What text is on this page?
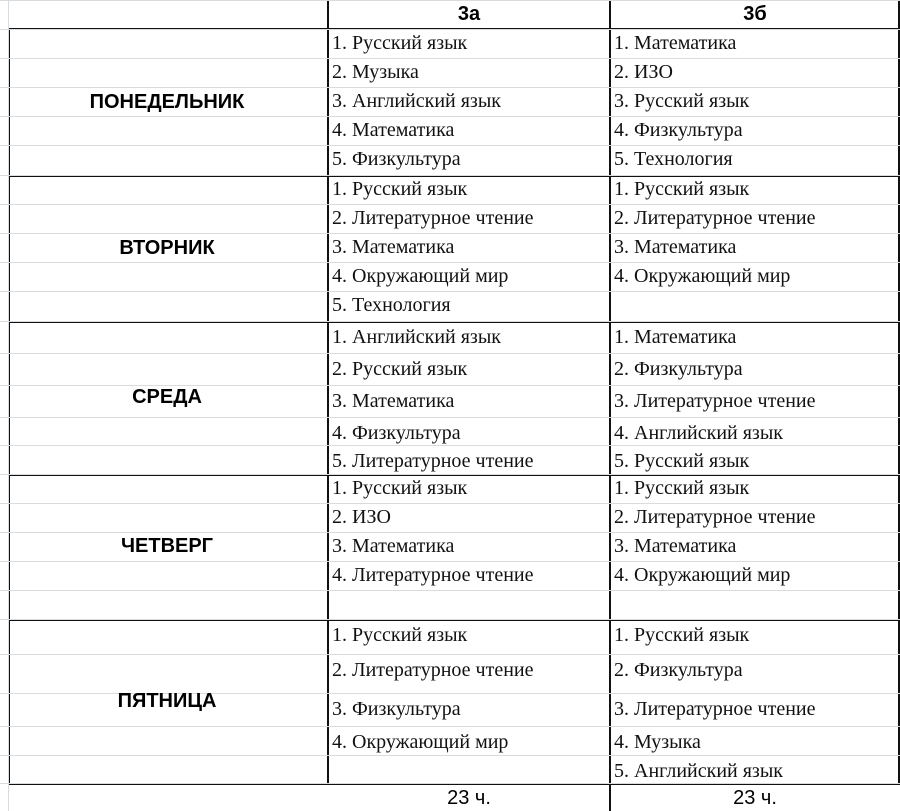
3а	3б
23 ч.	23 ч.
ПОНЕДЕЛЬНИК
1. Русский язык
2. Музыка
3. Английский язык
4. Математика
5. Физкультура
1. Математика
2. ИЗО
3. Русский язык
4. Физкультура
5. Технология
ВТОРНИК
1. Русский язык
2. Литературное чтение
3. Математика
4. Окружающий мир
5. Технология
1. Русский язык
2. Литературное чтение
3. Математика
4. Окружающий мир
СРЕДА
1. Английский язык
2. Русский язык
3. Математика
4. Физкультура
5. Литературное чтение
1. Математика
2. Физкультура
3. Литературное чтение
4. Английский язык
5. Русский язык
ЧЕТВЕРГ
1. Русский язык
2. ИЗО
3. Математика
4. Литературное чтение
1. Русский язык
2. Литературное чтение
3. Математика
4. Окружающий мир
ПЯТНИЦА
1. Русский язык
2. Литературное чтение
3. Физкультура
4. Окружающий мир
1. Русский язык
2. Физкультура
3. Литературное чтение
4. Музыка
5. Английский язык
